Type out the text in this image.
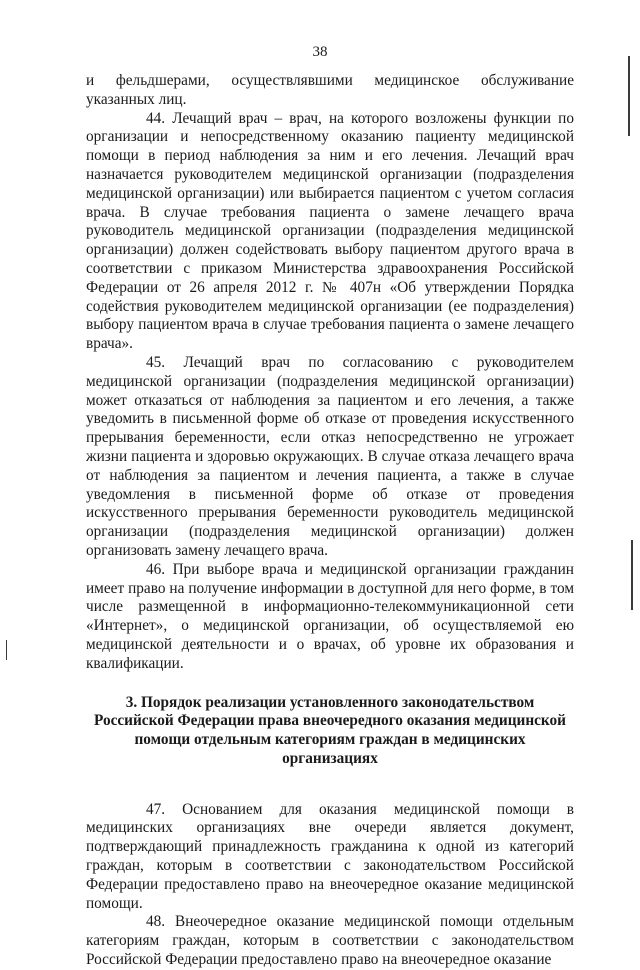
38

и фельдшерами, осуществлявшими медицинское обслуживание указанных лиц.

44. Лечащий врач – врач, на которого возложены функции по организации и непосредственному оказанию пациенту медицинской помощи в период наблюдения за ним и его лечения. Лечащий врач назначается руководителем медицинской организации (подразделения медицинской организации) или выбирается пациентом с учетом согласия врача. В случае требования пациента о замене лечащего врача руководитель медицинской организации (подразделения медицинской организации) должен содействовать выбору пациентом другого врача в соответствии с приказом Министерства здравоохранения Российской Федерации от 26 апреля 2012 г. № 407н «Об утверждении Порядка содействия руководителем медицинской организации (ее подразделения) выбору пациентом врача в случае требования пациента о замене лечащего врача».

45. Лечащий врач по согласованию с руководителем медицинской организации (подразделения медицинской организации) может отказаться от наблюдения за пациентом и его лечения, а также уведомить в письменной форме об отказе от проведения искусственного прерывания беременности, если отказ непосредственно не угрожает жизни пациента и здоровью окружающих. В случае отказа лечащего врача от наблюдения за пациентом и лечения пациента, а также в случае уведомления в письменной форме об отказе от проведения искусственного прерывания беременности руководитель медицинской организации (подразделения медицинской организации) должен организовать замену лечащего врача.

46. При выборе врача и медицинской организации гражданин имеет право на получение информации в доступной для него форме, в том числе размещенной в информационно-телекоммуникационной сети «Интернет», о медицинской организации, об осуществляемой ею медицинской деятельности и о врачах, об уровне их образования и квалификации.

3. Порядок реализации установленного законодательством Российской Федерации права внеочередного оказания медицинской помощи отдельным категориям граждан в медицинских организациях

47. Основанием для оказания медицинской помощи в медицинских организациях вне очереди является документ, подтверждающий принадлежность гражданина к одной из категорий граждан, которым в соответствии с законодательством Российской Федерации предоставлено право на внеочередное оказание медицинской помощи.

48. Внеочередное оказание медицинской помощи отдельным категориям граждан, которым в соответствии с законодательством Российской Федерации предоставлено право на внеочередное оказание
